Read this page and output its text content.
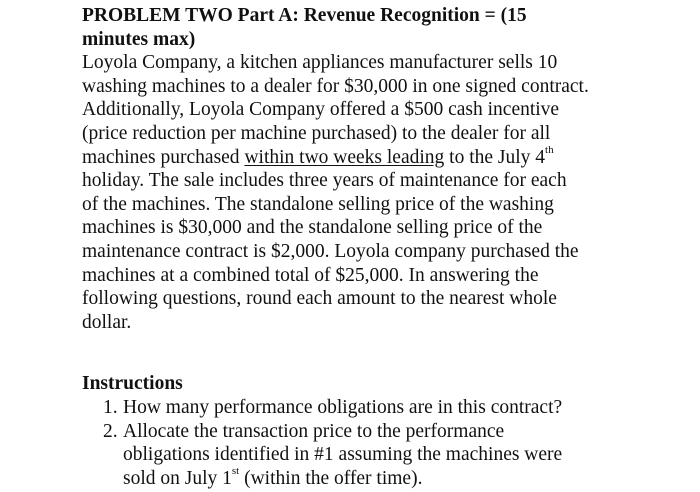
PROBLEM TWO Part A: Revenue Recognition = (15
minutes max)
Loyola Company, a kitchen appliances manufacturer sells 10
washing machines to a dealer for $30,000 in one signed contract.
Additionally, Loyola Company offered a $500 cash incentive
(price reduction per machine purchased) to the dealer for all
machines purchased within two weeks leading to the July 4th
holiday. The sale includes three years of maintenance for each
of the machines. The standalone selling price of the washing
machines is $30,000 and the standalone selling price of the
maintenance contract is $2,000. Loyola company purchased the
machines at a combined total of $25,000. In answering the
following questions, round each amount to the nearest whole
dollar.
Instructions
1. How many performance obligations are in this contract?
2. Allocate the transaction price to the performance
obligations identified in #1 assuming the machines were
sold on July 1st (within the offer time).
